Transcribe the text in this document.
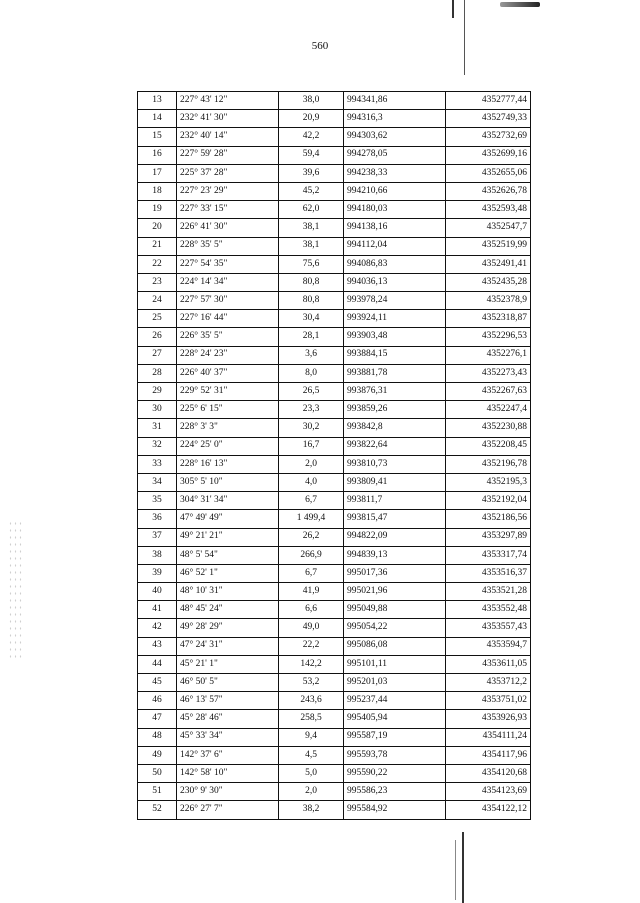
560
13	227° 43' 12"	38,0	994341,86	4352777,44
14	232° 41' 30"	20,9	994316,3	4352749,33
15	232° 40' 14"	42,2	994303,62	4352732,69
16	227° 59' 28"	59,4	994278,05	4352699,16
17	225° 37' 28"	39,6	994238,33	4352655,06
18	227° 23' 29"	45,2	994210,66	4352626,78
19	227° 33' 15"	62,0	994180,03	4352593,48
20	226° 41' 30"	38,1	994138,16	4352547,7
21	228° 35' 5"	38,1	994112,04	4352519,99
22	227° 54' 35"	75,6	994086,83	4352491,41
23	224° 14' 34"	80,8	994036,13	4352435,28
24	227° 57' 30"	80,8	993978,24	4352378,9
25	227° 16' 44"	30,4	993924,11	4352318,87
26	226° 35' 5"	28,1	993903,48	4352296,53
27	228° 24' 23"	3,6	993884,15	4352276,1
28	226° 40' 37"	8,0	993881,78	4352273,43
29	229° 52' 31"	26,5	993876,31	4352267,63
30	225° 6' 15"	23,3	993859,26	4352247,4
31	228° 3' 3"	30,2	993842,8	4352230,88
32	224° 25' 0"	16,7	993822,64	4352208,45
33	228° 16' 13"	2,0	993810,73	4352196,78
34	305° 5' 10"	4,0	993809,41	4352195,3
35	304° 31' 34"	6,7	993811,7	4352192,04
36	47° 49' 49"	1 499,4	993815,47	4352186,56
37	49° 21' 21"	26,2	994822,09	4353297,89
38	48° 5' 54"	266,9	994839,13	4353317,74
39	46° 52' 1"	6,7	995017,36	4353516,37
40	48° 10' 31"	41,9	995021,96	4353521,28
41	48° 45' 24"	6,6	995049,88	4353552,48
42	49° 28' 29"	49,0	995054,22	4353557,43
43	47° 24' 31"	22,2	995086,08	4353594,7
44	45° 21' 1"	142,2	995101,11	4353611,05
45	46° 50' 5"	53,2	995201,03	4353712,2
46	46° 13' 57"	243,6	995237,44	4353751,02
47	45° 28' 46"	258,5	995405,94	4353926,93
48	45° 33' 34"	9,4	995587,19	4354111,24
49	142° 37' 6"	4,5	995593,78	4354117,96
50	142° 58' 10"	5,0	995590,22	4354120,68
51	230° 9' 30"	2,0	995586,23	4354123,69
52	226° 27' 7"	38,2	995584,92	4354122,12
